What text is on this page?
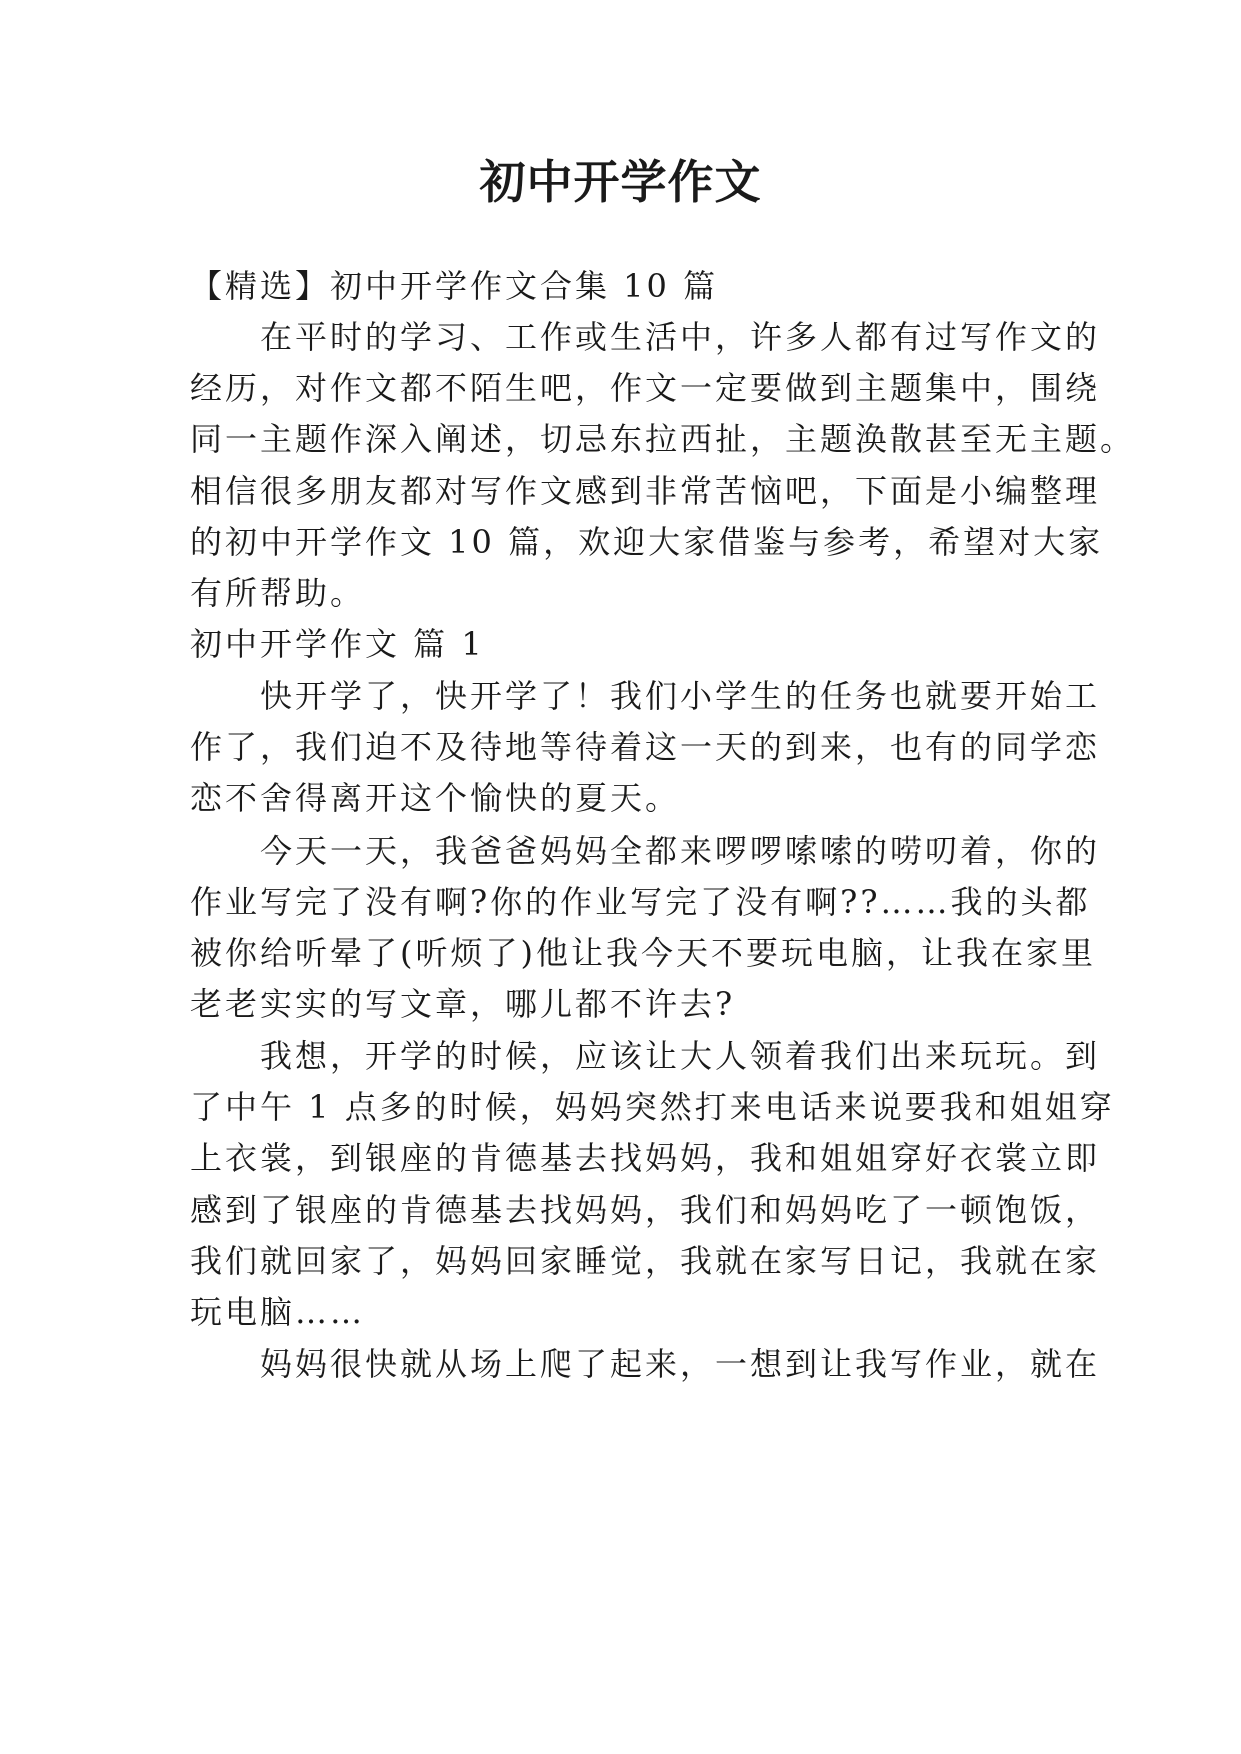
初中开学作文
【精选】初中开学作文合集 10 篇
　　在平时的学习、工作或生活中，许多人都有过写作文的
经历，对作文都不陌生吧，作文一定要做到主题集中，围绕
同一主题作深入阐述，切忌东拉西扯，主题涣散甚至无主题。
相信很多朋友都对写作文感到非常苦恼吧，下面是小编整理
的初中开学作文 10 篇，欢迎大家借鉴与参考，希望对大家
有所帮助。
初中开学作文 篇 1
　　快开学了，快开学了！我们小学生的任务也就要开始工
作了，我们迫不及待地等待着这一天的到来，也有的同学恋
恋不舍得离开这个愉快的夏天。
　　今天一天，我爸爸妈妈全都来啰啰嗦嗦的唠叨着，你的
作业写完了没有啊?你的作业写完了没有啊??……我的头都
被你给听晕了(听烦了)他让我今天不要玩电脑，让我在家里
老老实实的写文章，哪儿都不许去?
　　我想，开学的时候，应该让大人领着我们出来玩玩。到
了中午 1 点多的时候，妈妈突然打来电话来说要我和姐姐穿
上衣裳，到银座的肯德基去找妈妈，我和姐姐穿好衣裳立即
感到了银座的肯德基去找妈妈，我们和妈妈吃了一顿饱饭，
我们就回家了，妈妈回家睡觉，我就在家写日记，我就在家
玩电脑……
　　妈妈很快就从场上爬了起来，一想到让我写作业，就在
